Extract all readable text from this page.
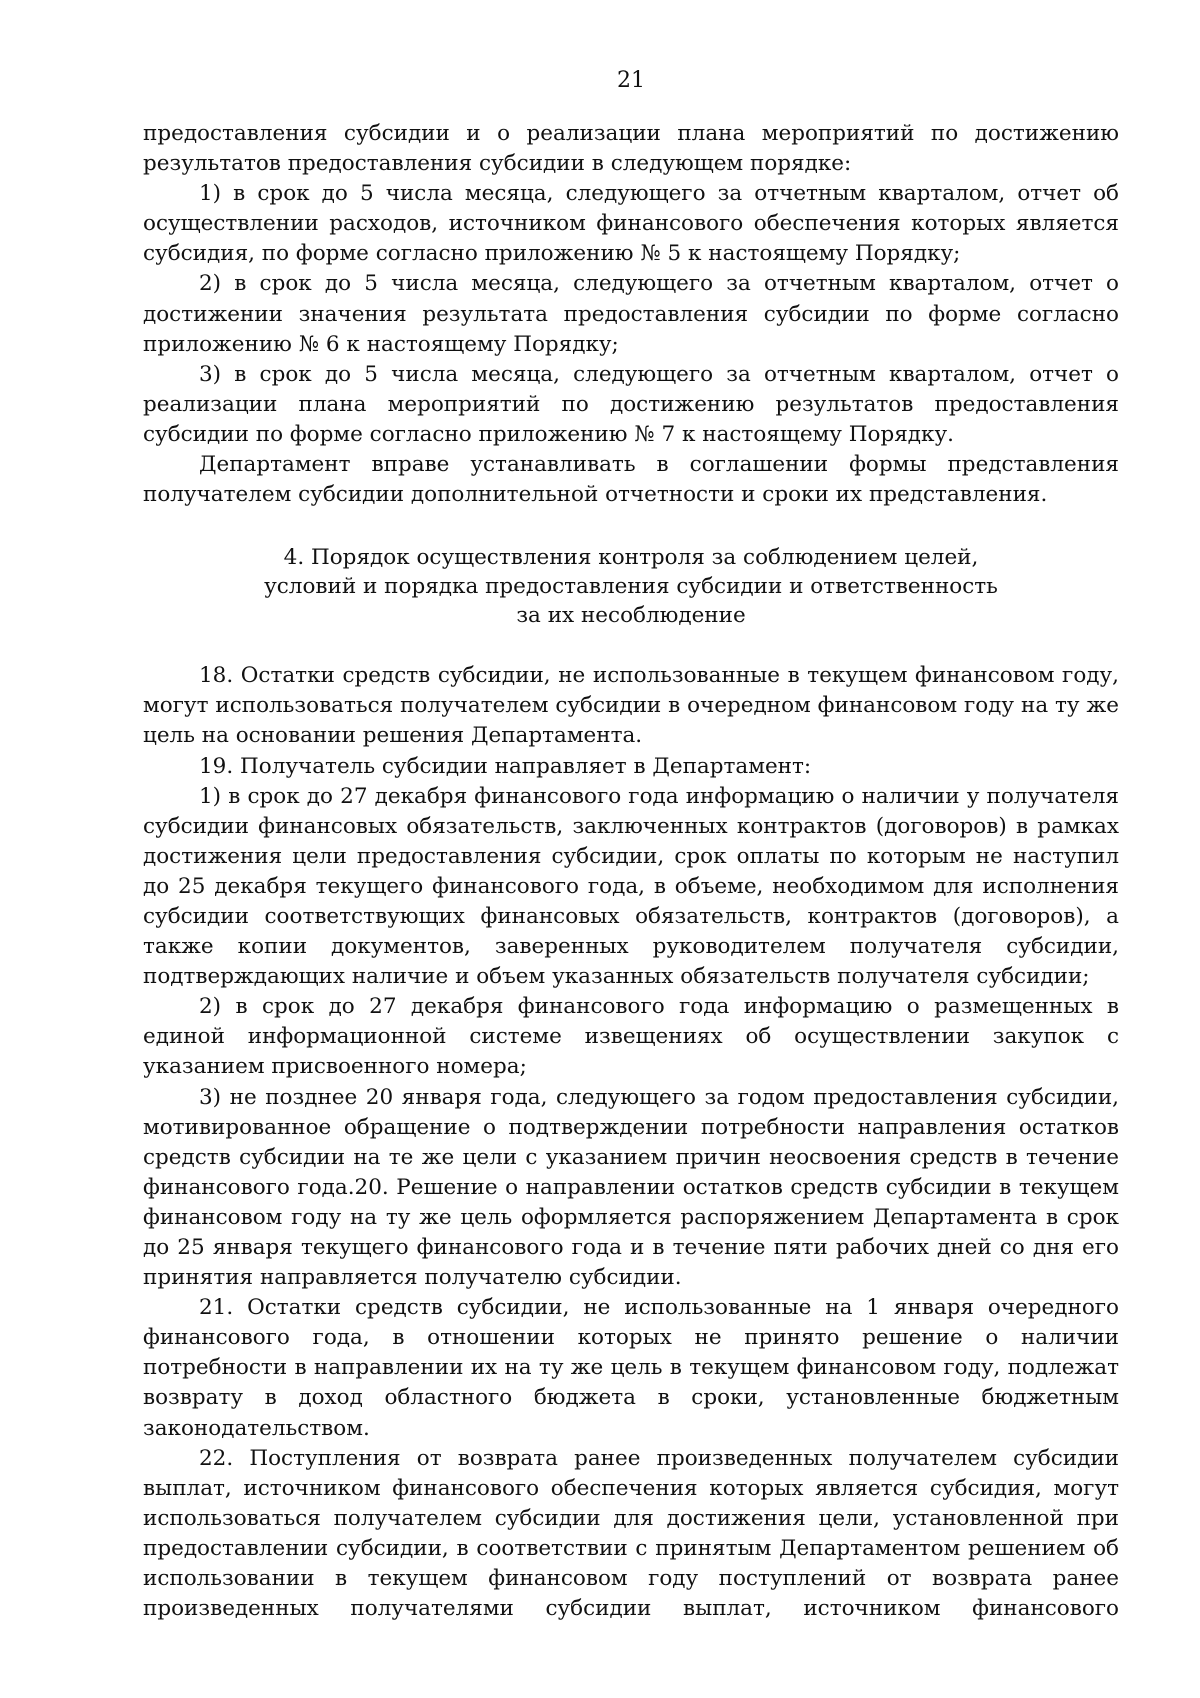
21

предоставления субсидии и о реализации плана мероприятий по достижению результатов предоставления субсидии в следующем порядке:

1) в срок до 5 числа месяца, следующего за отчетным кварталом, отчет об осуществлении расходов, источником финансового обеспечения которых является субсидия, по форме согласно приложению № 5 к настоящему Порядку;

2) в срок до 5 числа месяца, следующего за отчетным кварталом, отчет о достижении значения результата предоставления субсидии по форме согласно приложению № 6 к настоящему Порядку;

3) в срок до 5 числа месяца, следующего за отчетным кварталом, отчет о реализации плана мероприятий по достижению результатов предоставления субсидии по форме согласно приложению № 7 к настоящему Порядку.

Департамент вправе устанавливать в соглашении формы представления получателем субсидии дополнительной отчетности и сроки их представления.

4. Порядок осуществления контроля за соблюдением целей,
условий и порядка предоставления субсидии и ответственность
за их несоблюдение

18. Остатки средств субсидии, не использованные в текущем финансовом году, могут использоваться получателем субсидии в очередном финансовом году на ту же цель на основании решения Департамента.

19. Получатель субсидии направляет в Департамент:

1) в срок до 27 декабря финансового года информацию о наличии у получателя субсидии финансовых обязательств, заключенных контрактов (договоров) в рамках достижения цели предоставления субсидии, срок оплаты по которым не наступил до 25 декабря текущего финансового года, в объеме, необходимом для исполнения субсидии соответствующих финансовых обязательств, контрактов (договоров), а также копии документов, заверенных руководителем получателя субсидии, подтверждающих наличие и объем указанных обязательств получателя субсидии;

2) в срок до 27 декабря финансового года информацию о размещенных в единой информационной системе извещениях об осуществлении закупок с указанием присвоенного номера;

3) не позднее 20 января года, следующего за годом предоставления субсидии, мотивированное обращение о подтверждении потребности направления остатков средств субсидии на те же цели с указанием причин неосвоения средств в течение финансового года.20. Решение о направлении остатков средств субсидии в текущем финансовом году на ту же цель оформляется распоряжением Департамента в срок до 25 января текущего финансового года и в течение пяти рабочих дней со дня его принятия направляется получателю субсидии.

21. Остатки средств субсидии, не использованные на 1 января очередного финансового года, в отношении которых не принято решение о наличии потребности в направлении их на ту же цель в текущем финансовом году, подлежат возврату в доход областного бюджета в сроки, установленные бюджетным законодательством.

22. Поступления от возврата ранее произведенных получателем субсидии выплат, источником финансового обеспечения которых является субсидия, могут использоваться получателем субсидии для достижения цели, установленной при предоставлении субсидии, в соответствии с принятым Департаментом решением об использовании в текущем финансовом году поступлений от возврата ранее произведенных получателями субсидии выплат, источником финансового
